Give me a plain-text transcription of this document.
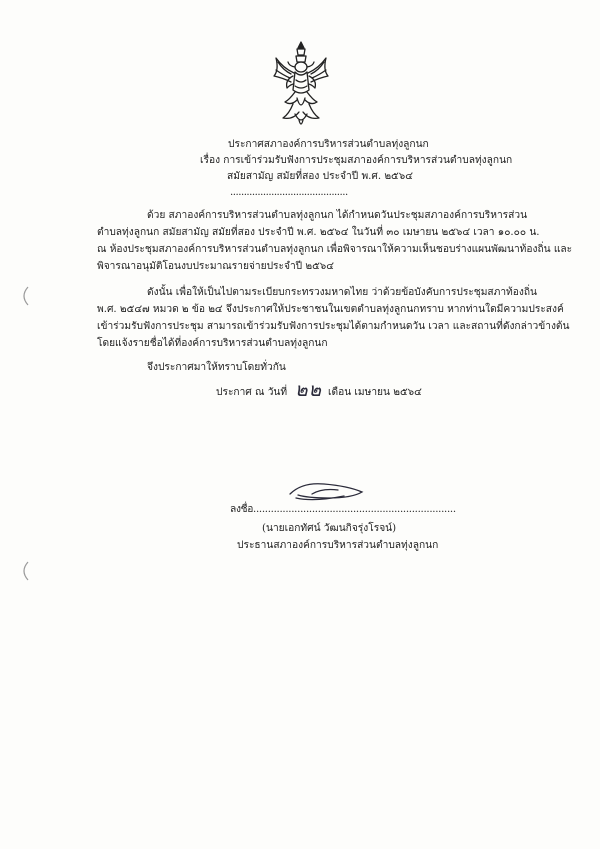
ประกาศสภาองค์การบริหารส่วนตำบลทุ่งลูกนก
เรื่อง การเข้าร่วมรับฟังการประชุมสภาองค์การบริหารส่วนตำบลทุ่งลูกนก
สมัยสามัญ สมัยที่สอง ประจำปี พ.ศ. ๒๕๖๔
...........................................
ด้วย สภาองค์การบริหารส่วนตำบลทุ่งลูกนก ได้กำหนดวันประชุมสภาองค์การบริหารส่วน
ตำบลทุ่งลูกนก สมัยสามัญ สมัยที่สอง ประจำปี พ.ศ. ๒๕๖๔ ในวันที่ ๓๐ เมษายน ๒๕๖๔ เวลา ๑๐.๐๐ น.
ณ ห้องประชุมสภาองค์การบริหารส่วนตำบลทุ่งลูกนก เพื่อพิจารณาให้ความเห็นชอบร่างแผนพัฒนาท้องถิ่น และ
พิจารณาอนุมัติโอนงบประมาณรายจ่ายประจำปี ๒๕๖๔
ดังนั้น เพื่อให้เป็นไปตามระเบียบกระทรวงมหาดไทย ว่าด้วยข้อบังคับการประชุมสภาท้องถิ่น
พ.ศ. ๒๕๔๗ หมวด ๒ ข้อ ๒๔ จึงประกาศให้ประชาชนในเขตตำบลทุ่งลูกนกทราบ หากท่านใดมีความประสงค์
เข้าร่วมรับฟังการประชุม สามารถเข้าร่วมรับฟังการประชุมได้ตามกำหนดวัน เวลา และสถานที่ดังกล่าวข้างต้น
โดยแจ้งรายชื่อได้ที่องค์การบริหารส่วนตำบลทุ่งลูกนก
จึงประกาศมาให้ทราบโดยทั่วกัน
ประกาศ ณ วันที่ ๒๒ เดือน เมษายน ๒๕๖๔
ลงชื่อ.....................................................................
(นายเอกทัศน์ วัฒนกิจรุ่งโรจน์)
ประธานสภาองค์การบริหารส่วนตำบลทุ่งลูกนก
